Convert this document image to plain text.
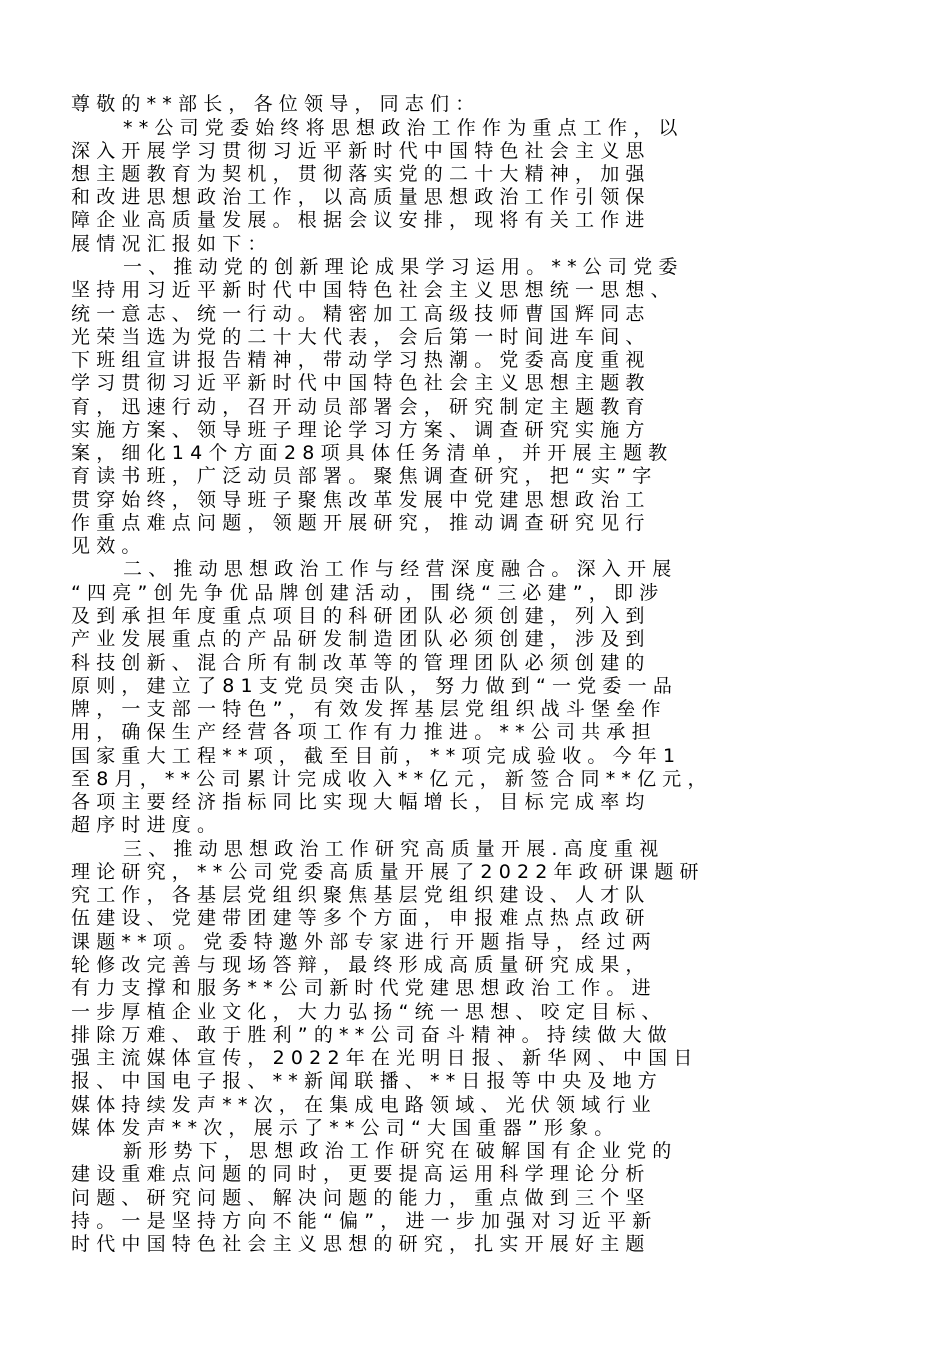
尊敬的**部长，各位领导，同志们：
**公司党委始终将思想政治工作作为重点工作，以
深入开展学习贯彻习近平新时代中国特色社会主义思
想主题教育为契机，贯彻落实党的二十大精神，加强
和改进思想政治工作，以高质量思想政治工作引领保
障企业高质量发展。根据会议安排，现将有关工作进
展情况汇报如下：
一、推动党的创新理论成果学习运用。**公司党委
坚持用习近平新时代中国特色社会主义思想统一思想、
统一意志、统一行动。精密加工高级技师曹国辉同志
光荣当选为党的二十大代表，会后第一时间进车间、
下班组宣讲报告精神，带动学习热潮。党委高度重视
学习贯彻习近平新时代中国特色社会主义思想主题教
育，迅速行动，召开动员部署会，研究制定主题教育
实施方案、领导班子理论学习方案、调查研究实施方
案，细化14个方面28项具体任务清单，并开展主题教
育读书班，广泛动员部署。聚焦调查研究，把“实”字
贯穿始终，领导班子聚焦改革发展中党建思想政治工
作重点难点问题，领题开展研究，推动调查研究见行
见效。
二、推动思想政治工作与经营深度融合。深入开展
“四亮”创先争优品牌创建活动，围绕“三必建”，即涉
及到承担年度重点项目的科研团队必须创建，列入到
产业发展重点的产品研发制造团队必须创建，涉及到
科技创新、混合所有制改革等的管理团队必须创建的
原则，建立了81支党员突击队，努力做到“一党委一品
牌，一支部一特色”，有效发挥基层党组织战斗堡垒作
用，确保生产经营各项工作有力推进。**公司共承担
国家重大工程**项，截至目前，**项完成验收。今年1
至8月，**公司累计完成收入**亿元，新签合同**亿元，
各项主要经济指标同比实现大幅增长，目标完成率均
超序时进度。
三、推动思想政治工作研究高质量开展.高度重视
理论研究，**公司党委高质量开展了2022年政研课题研
究工作，各基层党组织聚焦基层党组织建设、人才队
伍建设、党建带团建等多个方面，申报难点热点政研
课题**项。党委特邀外部专家进行开题指导，经过两
轮修改完善与现场答辩，最终形成高质量研究成果，
有力支撑和服务**公司新时代党建思想政治工作。进
一步厚植企业文化，大力弘扬“统一思想、咬定目标、
排除万难、敢于胜利”的**公司奋斗精神。持续做大做
强主流媒体宣传，2022年在光明日报、新华网、中国日
报、中国电子报、**新闻联播、**日报等中央及地方
媒体持续发声**次，在集成电路领域、光伏领域行业
媒体发声**次，展示了**公司“大国重器”形象。
新形势下，思想政治工作研究在破解国有企业党的
建设重难点问题的同时，更要提高运用科学理论分析
问题、研究问题、解决问题的能力，重点做到三个坚
持。一是坚持方向不能“偏”，进一步加强对习近平新
时代中国特色社会主义思想的研究，扎实开展好主题
